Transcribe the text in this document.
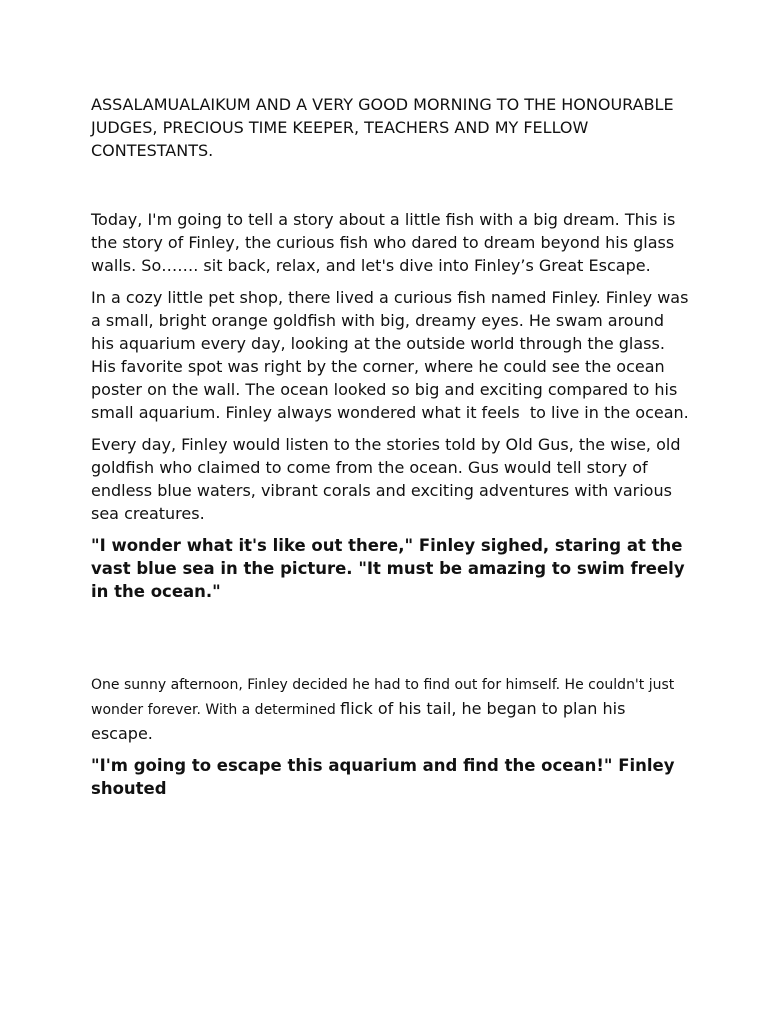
ASSALAMUALAIKUM AND A VERY GOOD MORNING TO THE HONOURABLE JUDGES, PRECIOUS TIME KEEPER, TEACHERS AND MY FELLOW CONTESTANTS.

Today, I'm going to tell a story about a little fish with a big dream. This is the story of Finley, the curious fish who dared to dream beyond his glass walls. So……. sit back, relax, and let's dive into Finley’s Great Escape.

In a cozy little pet shop, there lived a curious fish named Finley. Finley was a small, bright orange goldfish with big, dreamy eyes. He swam around his aquarium every day, looking at the outside world through the glass. His favorite spot was right by the corner, where he could see the ocean poster on the wall. The ocean looked so big and exciting compared to his small aquarium. Finley always wondered what it feels  to live in the ocean.

Every day, Finley would listen to the stories told by Old Gus, the wise, old goldfish who claimed to come from the ocean. Gus would tell story of endless blue waters, vibrant corals and exciting adventures with various sea creatures.

"I wonder what it's like out there," Finley sighed, staring at the vast blue sea in the picture. "It must be amazing to swim freely in the ocean."

One sunny afternoon, Finley decided he had to find out for himself. He couldn't just wonder forever. With a determined flick of his tail, he began to plan his escape.

"I'm going to escape this aquarium and find the ocean!" Finley shouted
